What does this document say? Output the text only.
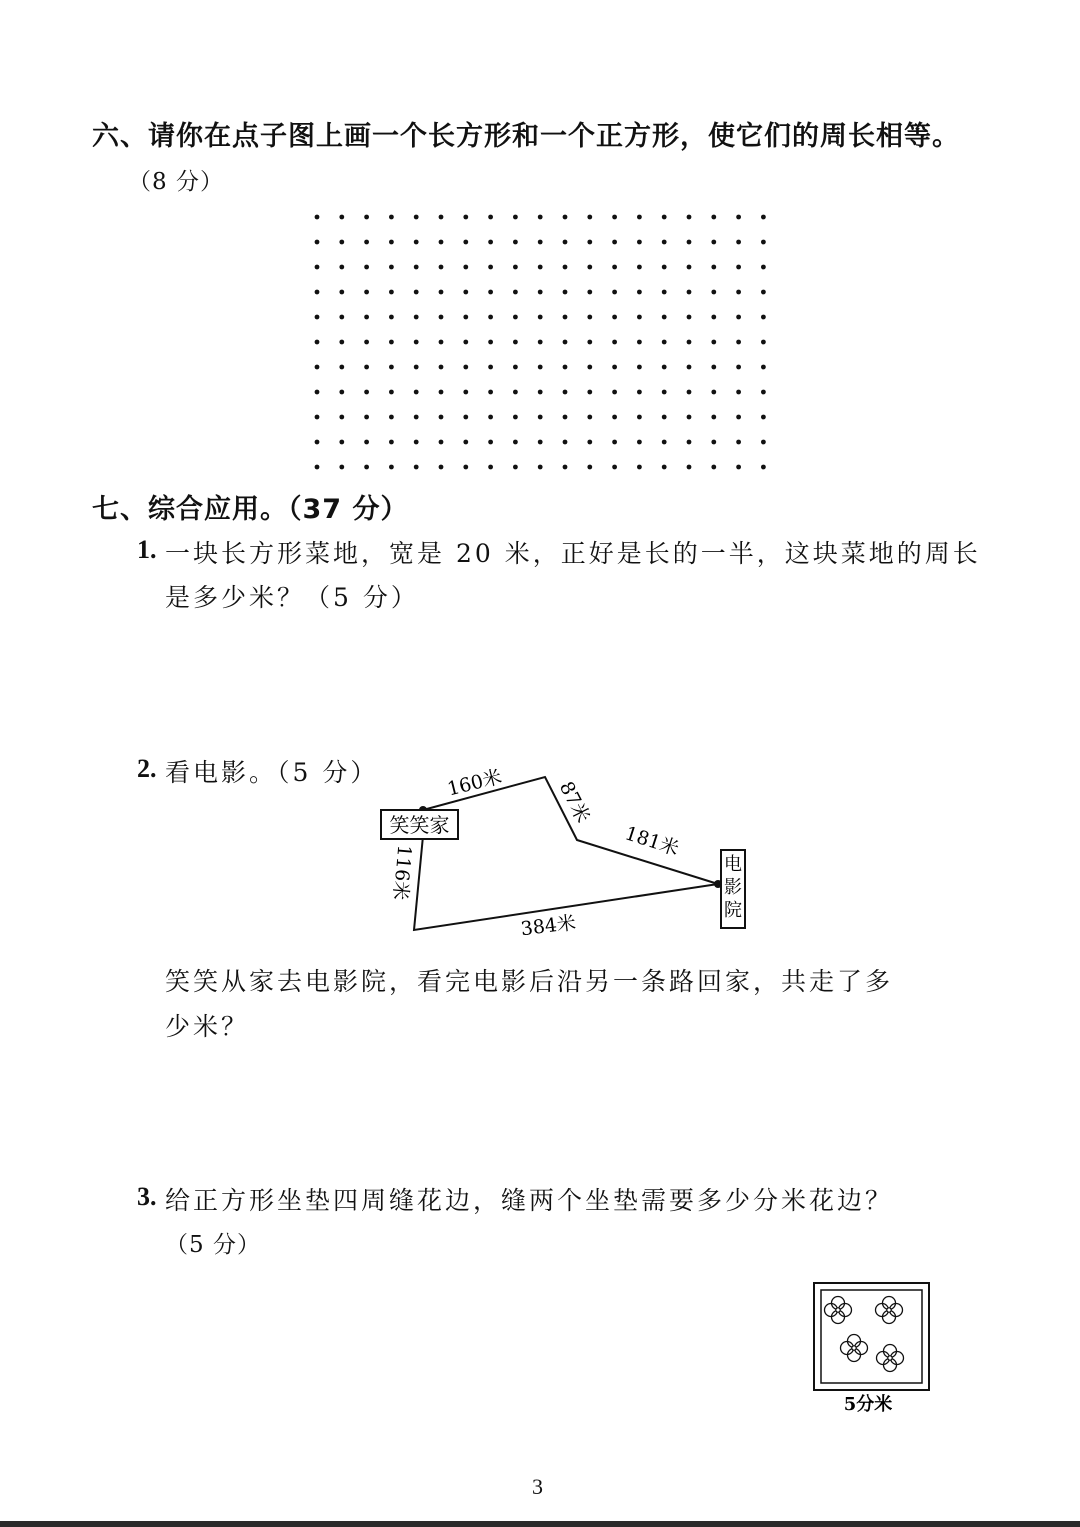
六、请你在点子图上画一个长方形和一个正方形，使它们的周长相等。
（8 分）
七、综合应用。（37 分）
1. 一块长方形菜地，宽是 20 米，正好是长的一半，这块菜地的周长
是多少米？（5 分）
2. 看电影。（5 分）
笑笑家
电
影
院
160米	87米
181米
116米
384米
笑笑从家去电影院，看完电影后沿另一条路回家，共走了多
少米？
3. 给正方形坐垫四周缝花边，缝两个坐垫需要多少分米花边？
（5 分）
5分米
3
